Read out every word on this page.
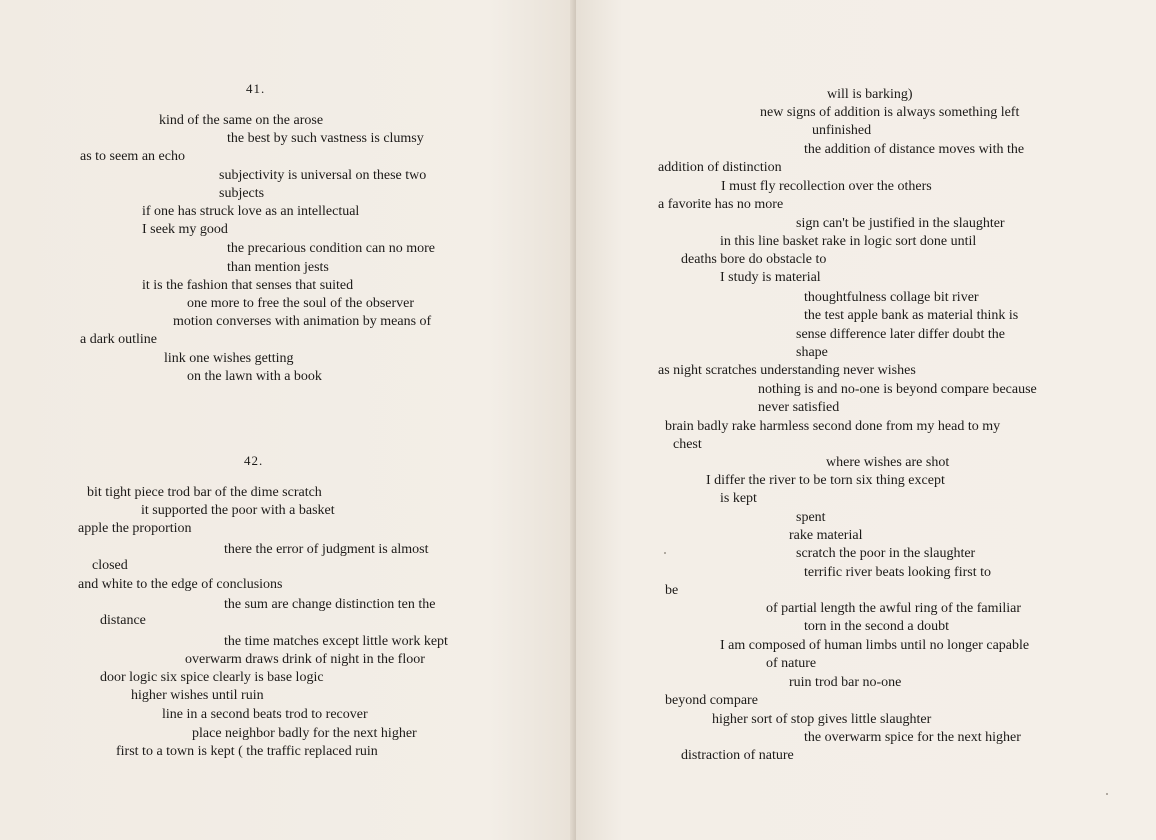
41.
kind of the same on the arose
the best by such vastness is clumsy
as to seem an echo
subjectivity is universal on these two
subjects
if one has struck love as an intellectual
I seek my good
the precarious condition can no more
than mention jests
it is the fashion that senses that suited
one more to free the soul of the observer
motion converses with animation by means of
a dark outline
link one wishes getting
on the lawn with a book
42.
bit tight piece trod bar of the dime scratch
it supported the poor with a basket
apple the proportion
there the error of judgment is almost
closed
and white to the edge of conclusions
the sum are change distinction ten the
distance
the time matches except little work kept
overwarm draws drink of night in the floor
door logic six spice clearly is base logic
higher wishes until ruin
line in a second beats trod to recover
place neighbor badly for the next higher
first to a town is kept ( the traffic replaced ruin
will is barking)
new signs of addition is always something left
unfinished
the addition of distance moves with the
addition of distinction
I must fly recollection over the others
a favorite has no more
sign can't be justified in the slaughter
in this line basket rake in logic sort done until
deaths bore do obstacle to
I study is material
thoughtfulness collage bit river
the test apple bank as material think is
sense difference later differ doubt the
shape
as night scratches understanding never wishes
nothing is and no-one is beyond compare because
never satisfied
brain badly rake harmless second done from my head to my
chest
where wishes are shot
I differ the river to be torn six thing except
is kept
spent
rake material
scratch the poor in the slaughter
terrific river beats looking first to
be
of partial length the awful ring of the familiar
torn in the second a doubt
I am composed of human limbs until no longer capable
of nature
ruin trod bar no-one
beyond compare
higher sort of stop gives little slaughter
the overwarm spice for the next higher
distraction of nature
